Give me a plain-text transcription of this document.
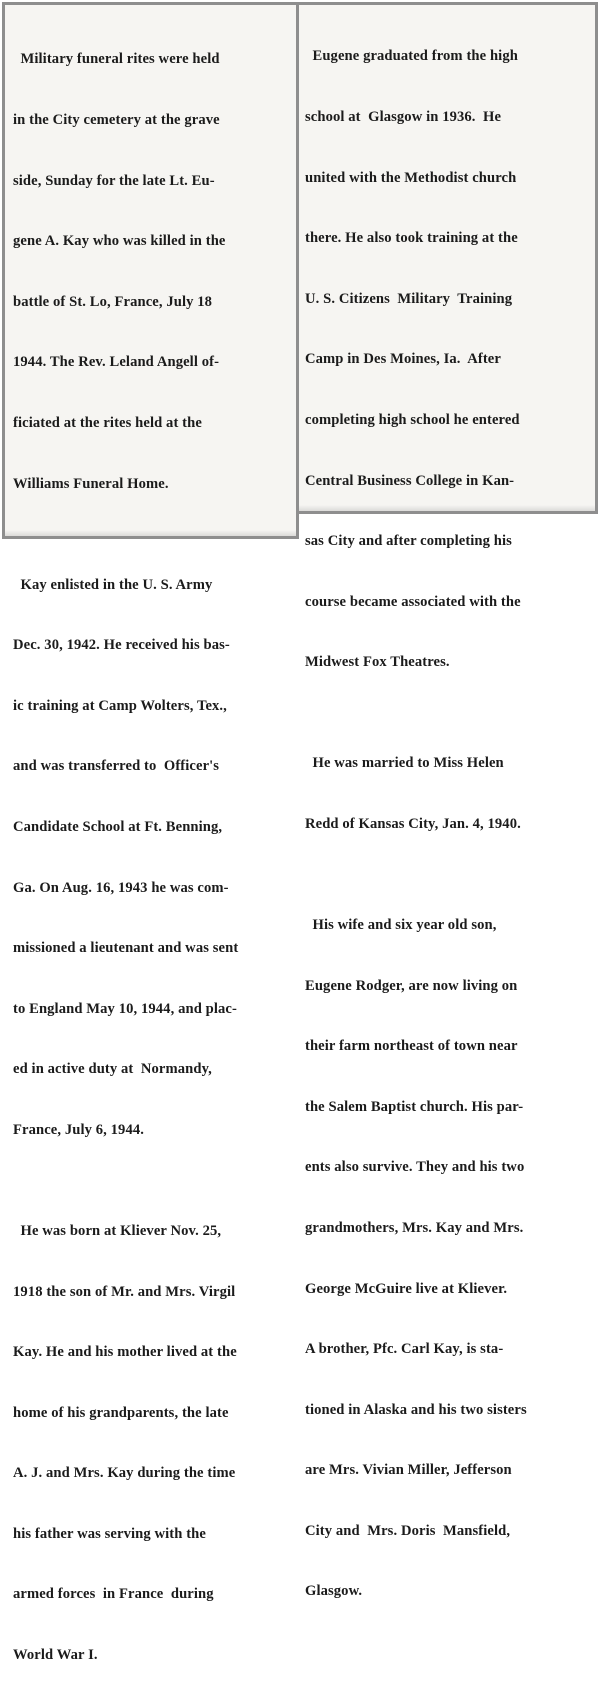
Military funeral rites were held

in the City cemetery at the grave

side, Sunday for the late Lt. Eu-

gene A. Kay who was killed in the

battle of St. Lo, France, July 18

1944. The Rev. Leland Angell of-

ficiated at the rites held at the

Williams Funeral Home.

Kay enlisted in the U. S. Army

Dec. 30, 1942. He received his bas-

ic training at Camp Wolters, Tex.,

and was transferred to  Officer's

Candidate School at Ft. Benning,

Ga. On Aug. 16, 1943 he was com-

missioned a lieutenant and was sent

to England May 10, 1944, and plac-

ed in active duty at  Normandy,

France, July 6, 1944.

He was born at Kliever Nov. 25,

1918 the son of Mr. and Mrs. Virgil

Kay. He and his mother lived at the

home of his grandparents, the late

A. J. and Mrs. Kay during the time

his father was serving with the

armed forces  in France  during

World War I.

Eugene graduated from the high

school at  Glasgow in 1936.  He

united with the Methodist church

there. He also took training at the

U. S. Citizens  Military  Training

Camp in Des Moines, Ia.  After

completing high school he entered

Central Business College in Kan-

sas City and after completing his

course became associated with the

Midwest Fox Theatres.

He was married to Miss Helen

Redd of Kansas City, Jan. 4, 1940.

His wife and six year old son,

Eugene Rodger, are now living on

their farm northeast of town near

the Salem Baptist church. His par-

ents also survive. They and his two

grandmothers, Mrs. Kay and Mrs.

George McGuire live at Kliever.

A brother, Pfc. Carl Kay, is sta-

tioned in Alaska and his two sisters

are Mrs. Vivian Miller, Jefferson

City and  Mrs. Doris  Mansfield,

Glasgow.
